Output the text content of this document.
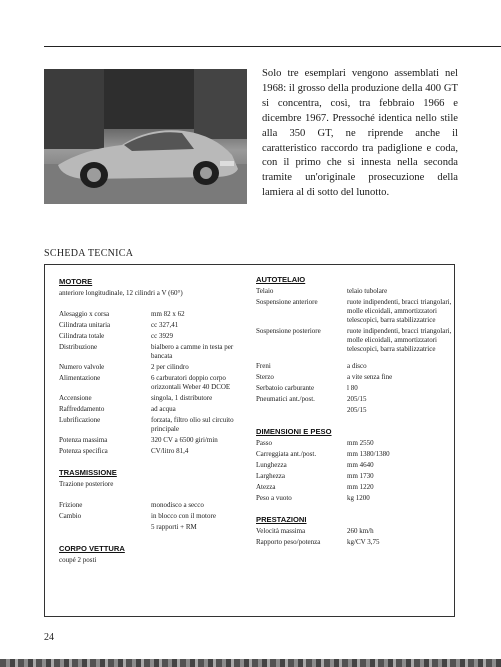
Solo tre esemplari vengono assemblati nel 1968: il grosso della produzione della 400 GT si concentra, così, tra febbraio 1966 e dicembre 1967. Pressoché identica nello stile alla 350 GT, ne riprende anche il caratteristico raccordo tra padiglione e coda, con il primo che si innesta nella seconda tramite un'originale prosecuzione della lamiera al di sotto del lunotto.

SCHEDA TECNICA
MOTORE
anteriore longitudinale, 12 cilindri a V (60°)
Alesaggio x corsa	mm 82 x 62
Cilindrata unitaria	cc 327,41
Cilindrata totale	cc 3929
Distribuzione	bialbero a camme in testa per bancata
Numero valvole	2 per cilindro
Alimentazione	6 carburatori doppio corpo orizzontali Weber 40 DCOE
Accensione	singola, 1 distributore
Raffreddamento	ad acqua
Lubrificazione	forzata, filtro olio sul circuito principale
Potenza massima	320 CV a 6500 giri/min
Potenza specifica	CV/litro 81,4
TRASMISSIONE
Trazione posteriore
Frizione	monodisco a secco
Cambio	in blocco con il motore
5 rapporti + RM
CORPO VETTURA
coupé 2 posti
AUTOTELAIO
Telaio	telaio tubolare
Sospensione anteriore	ruote indipendenti, bracci triangolari, molle elicoidali, ammortizzatori telescopici, barra stabilizzatrice
Sospensione posteriore	ruote indipendenti, bracci triangolari, molle elicoidali, ammortizzatori telescopici, barra stabilizzatrice
Freni	a disco
Sterzo	a vite senza fine
Serbatoio carburante	l 80
Pneumatici ant./post.	205/15
205/15
DIMENSIONI E PESO
Passo	mm 2550
Carreggiata ant./post.	mm 1380/1380
Lunghezza	mm 4640
Larghezza	mm 1730
Atezza	mm 1220
Peso a vuoto	kg 1200
PRESTAZIONI
Velocità massima	260 km/h
Rapporto peso/potenza	kg/CV 3,75
24
